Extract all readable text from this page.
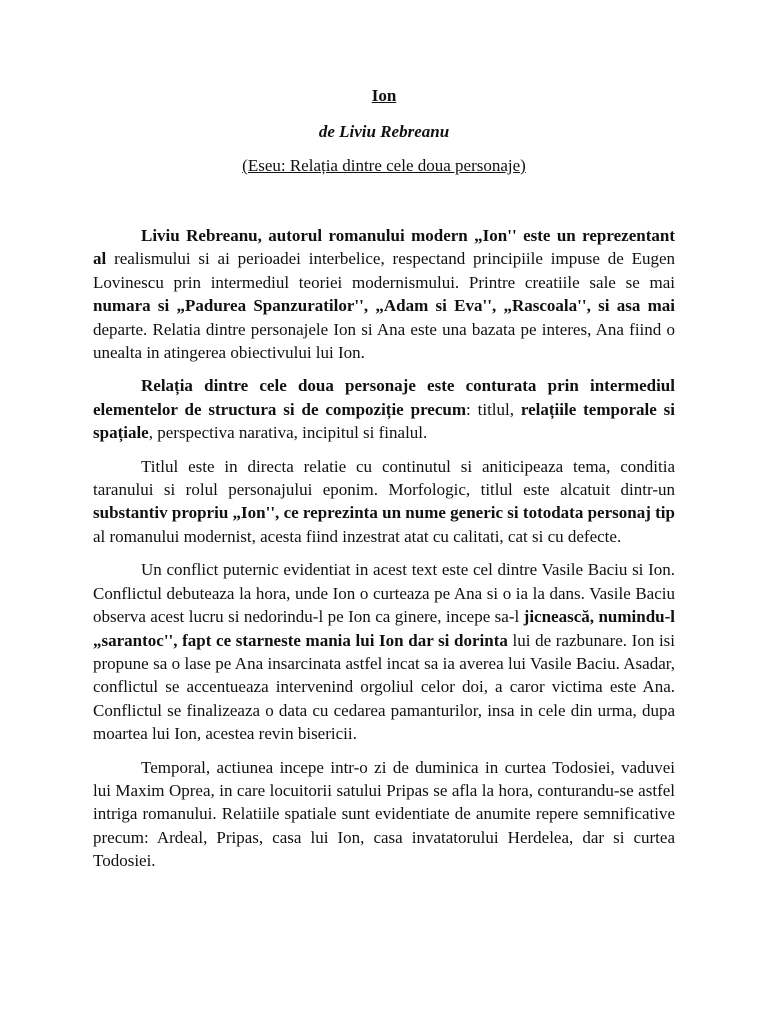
Ion
de Liviu Rebreanu
(Eseu: Relația dintre cele doua personaje)

Liviu Rebreanu, autorul romanului modern „Ion'' este un reprezentant al realismului si ai perioadei interbelice, respectand principiile impuse de Eugen Lovinescu prin intermediul teoriei modernismului. Printre creatiile sale se mai numara si „Padurea Spanzuratilor'', „Adam si Eva'', „Rascoala'', si asa mai departe. Relatia dintre personajele Ion si Ana este una bazata pe interes, Ana fiind o unealta in atingerea obiectivului lui Ion.

Relația dintre cele doua personaje este conturata prin intermediul elementelor de structura si de compoziție precum: titlul, relațiile temporale si spațiale, perspectiva narativa, incipitul si finalul.

Titlul este in directa relatie cu continutul si aniticipeaza tema, conditia taranului si rolul personajului eponim. Morfologic, titlul este alcatuit dintr-un substantiv propriu „Ion'', ce reprezinta un nume generic si totodata personaj tip al romanului modernist, acesta fiind inzestrat atat cu calitati, cat si cu defecte.

Un conflict puternic evidentiat in acest text este cel dintre Vasile Baciu si Ion. Conflictul debuteaza la hora, unde Ion o curteaza pe Ana si o ia la dans. Vasile Baciu observa acest lucru si nedorindu-l pe Ion ca ginere, incepe sa-l jicnească, numindu-l „sarantoc'', fapt ce starneste mania lui Ion dar si dorinta lui de razbunare. Ion isi propune sa o lase pe Ana insarcinata astfel incat sa ia averea lui Vasile Baciu. Asadar, conflictul se accentueaza intervenind orgoliul celor doi, a caror victima este Ana. Conflictul se finalizeaza o data cu cedarea pamanturilor, insa in cele din urma, dupa moartea lui Ion, acestea revin bisericii.

Temporal, actiunea incepe intr-o zi de duminica in curtea Todosiei, vaduvei lui Maxim Oprea, in care locuitorii satului Pripas se afla la hora, conturandu-se astfel intriga romanului. Relatiile spatiale sunt evidentiate de anumite repere semnificative precum: Ardeal, Pripas, casa lui Ion, casa invatatorului Herdelea, dar si curtea Todosiei.
